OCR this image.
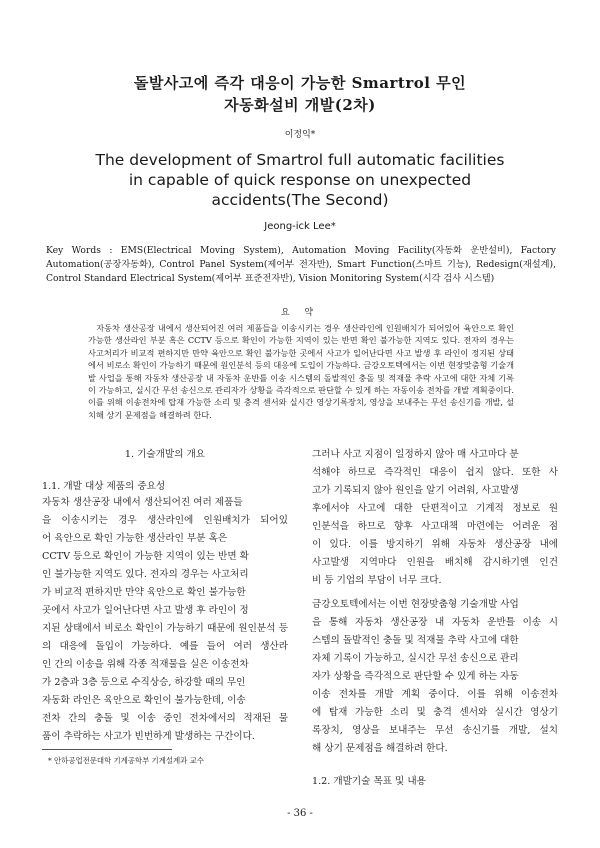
돌발사고에 즉각 대응이 가능한 Smartrol 무인
자동화설비 개발(2차)
이정익*
The development of Smartrol full automatic facilities
in capable of quick response on unexpected
accidents(The Second)
Jeong-ick Lee*

Key Words : EMS(Electrical Moving System), Automation Moving Facility(자동화 운반설비), Factory Automation(공장자동화), Control Panel System(제어부 전자반), Smart Function(스마트 기능), Redesign(재설계), Control Standard Electrical System(제어부 표준전자반), Vision Monitoring System(시각 검사 시스템)

요 약

자동차 생산공장 내에서 생산되어진 여러 제품들을 이송시키는 경우 생산라인에 인원배치가 되어있어 육안으로 확인 가능한 생산라인 부분 혹은 CCTV 등으로 확인이 가능한 지역이 있는 반면 확인 불가능한 지역도 있다. 전자의 경우는 사고처리가 비교적 편하지만 만약 육안으로 확인 불가능한 곳에서 사고가 일어난다면 사고 발생 후 라인이 정지된 상태에서 비로소 확인이 가능하기 때문에 원인분석 등의 대응에 도입이 가능하다. 금강오토텍에서는 이번 현장맞춤형 기술개발 사업을 통해 자동차 생산공장 내 자동차 운반틀 이송 시스템의 돌발적인 충돌 및 적재물 추락 사고에 대한 자체 기록이 가능하고, 실시간 무선 송신으로 관리자가 상황을 즉각적으로 판단할 수 있게 하는 자동이송 전차를 개발 계획중이다. 이를 위해 이송전차에 탑재 가능한 소리 및 충격 센서와 실시간 영상기록장치, 영상을 보내주는 무선 송신기를 개발, 설치해 상기 문제점을 해결하려 한다.

1. 기술개발의 개요
1.1. 개발 대상 제품의 중요성
자동차 생산공장 내에서 생산되어진 여러 제품들
을 이송시키는 경우 생산라인에 인원배치가 되어있
어 육안으로 확인 가능한 생산라인 부분 혹은
CCTV 등으로 확인이 가능한 지역이 있는 반면 확
인 불가능한 지역도 있다. 전자의 경우는 사고처리
가 비교적 편하지만 만약 육안으로 확인 불가능한
곳에서 사고가 일어난다면 사고 발생 후 라인이 정
지된 상태에서 비로소 확인이 가능하기 때문에 원인분석 등
의 대응에 돌입이 가능하다. 예를 들어 여러 생산라
인 간의 이송을 위해 각종 적재물을 실은 이송전차
가 2층과 3층 등으로 수직상승, 하강할 때의 무인
자동화 라인은 육안으로 확인이 불가능한데, 이송
전차 간의 충돌 및 이송 중인 전차에서의 적재된 물
품이 추락하는 사고가 빈번하게 발생하는 구간이다.
그러나 사고 지점이 일정하지 않아 매 사고마다 분
석해야 하므로 즉각적인 대응이 쉽지 않다. 또한 사
고가 기록되지 않아 원인을 알기 어려워, 사고발생
후에서야 사고에 대한 단편적이고 기계적 정보로 원
인분석을 하므로 향후 사고대책 마련에는 어려운 점
이 있다. 이를 방지하기 위해 자동차 생산공장 내에
사고발생 지역마다 인원을 배치해 감시하기엔 인건
비 등 기업의 부담이 너무 크다.
금강오토텍에서는 이번 현장맞춤형 기술개발 사업
을 통해 자동차 생산공장 내 자동차 운반틀 이송 시
스템의 돌발적인 충돌 및 적재물 추락 사고에 대한
자체 기록이 가능하고, 실시간 무선 송신으로 관리
자가 상황을 즉각적으로 판단할 수 있게 하는 자동
이송 전차를 개발 계획 중이다. 이를 위해 이송전차
에 탑재 가능한 소리 및 충격 센서와 실시간 영상기
록장치, 영상을 보내주는 무선 송신기를 개발, 설치
해 상기 문제점을 해결하려 한다.
1.2. 개발기술 목표 및 내용
* 안하공업전문대학 기계공학부 기계설계과 교수
- 36 -
